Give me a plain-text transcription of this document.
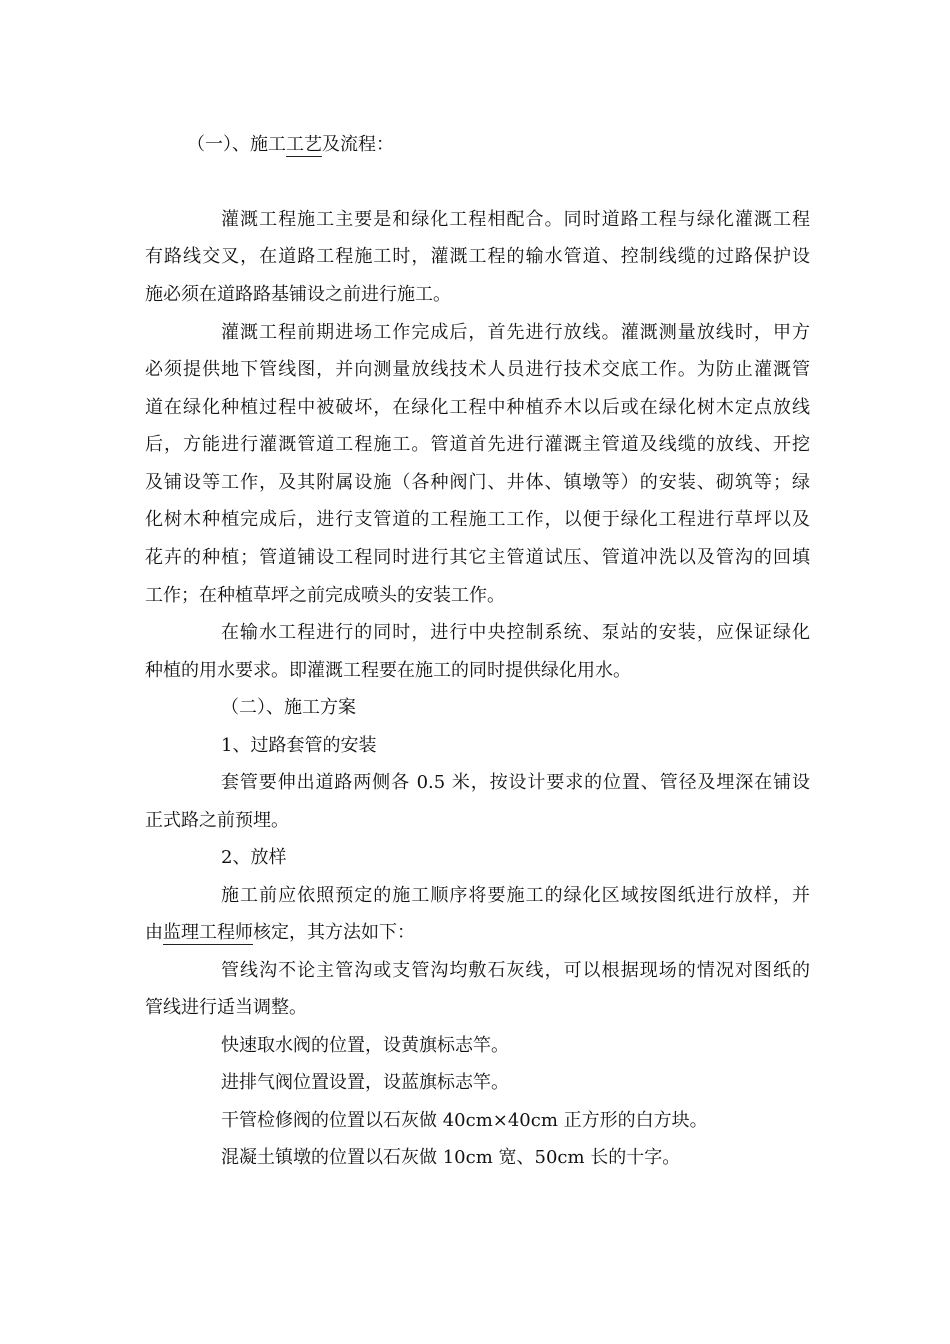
（一）、施工工艺及流程：
灌溉工程施工主要是和绿化工程相配合。同时道路工程与绿化灌溉工程
有路线交叉，在道路工程施工时，灌溉工程的输水管道、控制线缆的过路保护设
施必须在道路路基铺设之前进行施工。
灌溉工程前期进场工作完成后，首先进行放线。灌溉测量放线时，甲方
必须提供地下管线图，并向测量放线技术人员进行技术交底工作。为防止灌溉管
道在绿化种植过程中被破坏，在绿化工程中种植乔木以后或在绿化树木定点放线
后，方能进行灌溉管道工程施工。管道首先进行灌溉主管道及线缆的放线、开挖
及铺设等工作，及其附属设施（各种阀门、井体、镇墩等）的安装、砌筑等；绿
化树木种植完成后，进行支管道的工程施工工作，以便于绿化工程进行草坪以及
花卉的种植；管道铺设工程同时进行其它主管道试压、管道冲洗以及管沟的回填
工作；在种植草坪之前完成喷头的安装工作。
在输水工程进行的同时，进行中央控制系统、泵站的安装，应保证绿化
种植的用水要求。即灌溉工程要在施工的同时提供绿化用水。
（二）、施工方案
1、过路套管的安装
套管要伸出道路两侧各 0.5 米，按设计要求的位置、管径及埋深在铺设
正式路之前预埋。
2、放样
施工前应依照预定的施工顺序将要施工的绿化区域按图纸进行放样，并
由监理工程师核定，其方法如下：
管线沟不论主管沟或支管沟均敷石灰线，可以根据现场的情况对图纸的
管线进行适当调整。
快速取水阀的位置，设黄旗标志竿。
进排气阀位置设置，设蓝旗标志竿。
干管检修阀的位置以石灰做 40cm×40cm 正方形的白方块。
混凝土镇墩的位置以石灰做 10cm 宽、50cm 长的十字。
